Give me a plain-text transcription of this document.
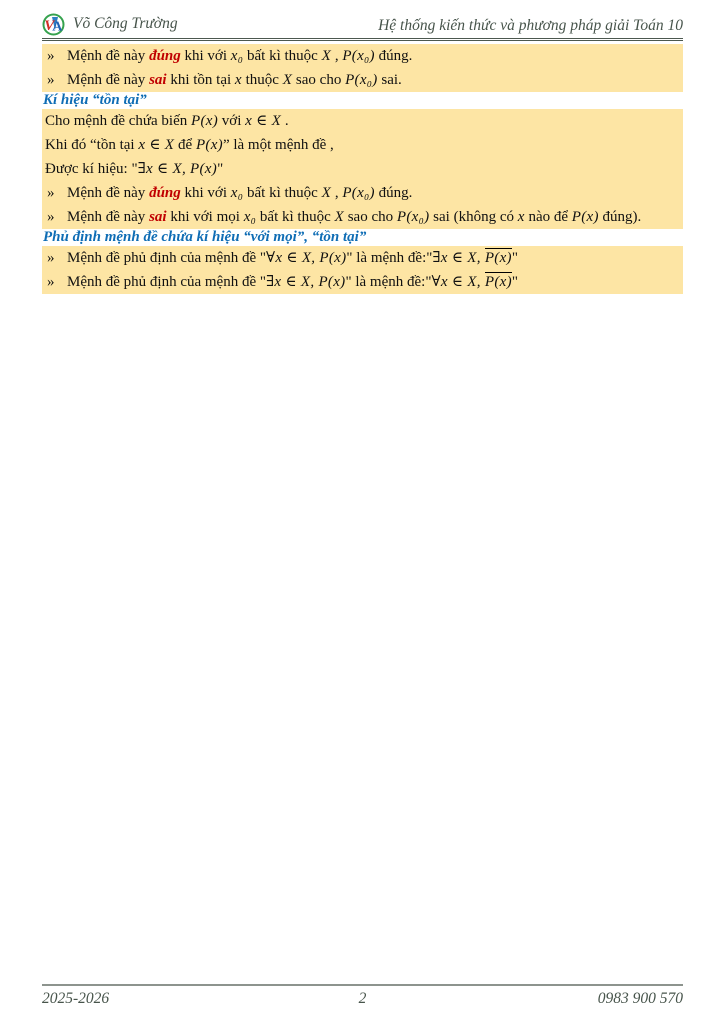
V
A Võ Công Trường	Hệ thống kiến thức và phương pháp giải Toán 10
» Mệnh đề này đúng khi với x₀ bất kì thuộc X , P(x₀) đúng.
» Mệnh đề này sai khi tồn tại x thuộc X sao cho P(x₀) sai.
Kí hiệu “tồn tại”
Cho mệnh đề chứa biến P(x) với x ∈ X .
Khi đó “tồn tại x ∈ X để P(x)” là một mệnh đề ,
Được kí hiệu: "∃x ∈ X, P(x)"
» Mệnh đề này đúng khi với x₀ bất kì thuộc X , P(x₀) đúng.
» Mệnh đề này sai khi với mọi x₀ bất kì thuộc X sao cho P(x₀) sai (không có x nào để P(x) đúng).
Phủ định mệnh đề chứa kí hiệu “với mọi”, “tồn tại”
» Mệnh đề phủ định của mệnh đề "∀x ∈ X, P(x)" là mệnh đề:"∃x ∈ X, P(x)"
» Mệnh đề phủ định của mệnh đề "∃x ∈ X, P(x)" là mệnh đề:"∀x ∈ X, P(x)"
2025-2026	2	0983 900 570
